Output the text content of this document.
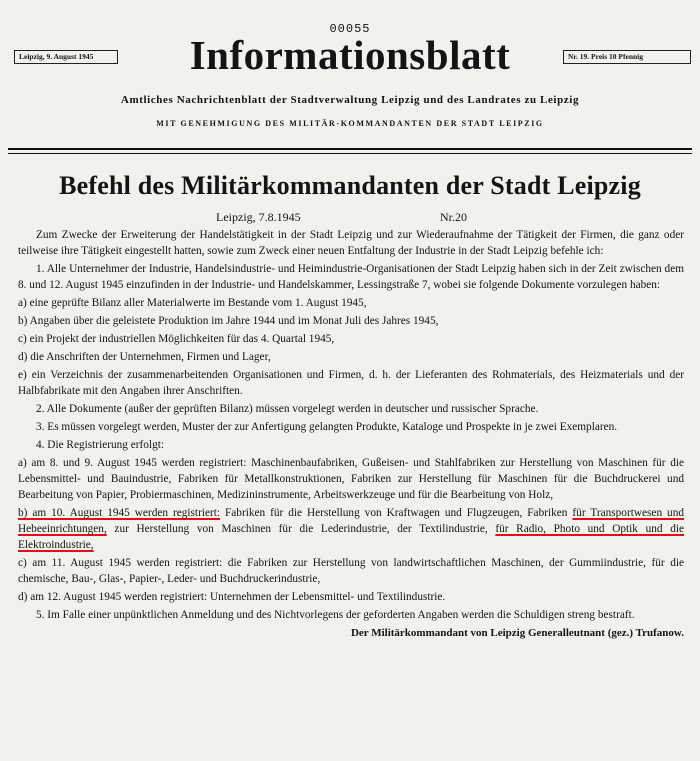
00055
Leipzig, 9. August 1945	Nr. 19. Preis 10 Pfennig
Informationsblatt
Amtliches Nachrichtenblatt der Stadtverwaltung Leipzig und des Landrates zu Leipzig
MIT GENEHMIGUNG DES MILITÄR-KOMMANDANTEN DER STADT LEIPZIG
Befehl des Militärkommandanten der Stadt Leipzig
Leipzig, 7.8.1945	Nr.20

Zum Zwecke der Erweiterung der Handelstätigkeit in der Stadt Leipzig und zur Wiederaufnahme der Tätigkeit der Firmen, die ganz oder teilweise ihre Tätigkeit eingestellt hatten, sowie zum Zweck einer neuen Entfaltung der Industrie in der Stadt Leipzig befehle ich:

1. Alle Unternehmer der Industrie, Handelsindustrie- und Heimindustrie-Organisationen der Stadt Leipzig haben sich in der Zeit zwischen dem 8. und 12. August 1945 einzufinden in der Industrie- und Handelskammer, Lessingstraße 7, wobei sie folgende Dokumente vorzulegen haben:

a) eine geprüfte Bilanz aller Materialwerte im Bestande vom 1. August 1945,

b) Angaben über die geleistete Produktion im Jahre 1944 und im Monat Juli des Jahres 1945,

c) ein Projekt der industriellen Möglichkeiten für das 4. Quartal 1945,

d) die Anschriften der Unternehmen, Firmen und Lager,

e) ein Verzeichnis der zusammenarbeitenden Organisationen und Firmen, d. h. der Lieferanten des Rohmaterials, des Heizmaterials und der Halbfabrikate mit den Angaben ihrer Anschriften.

2. Alle Dokumente (außer der geprüften Bilanz) müssen vorgelegt werden in deutscher und russischer Sprache.

3. Es müssen vorgelegt werden, Muster der zur Anfertigung gelangten Produkte, Kataloge und Prospekte in je zwei Exemplaren.

4. Die Registrierung erfolgt:

a) am 8. und 9. August 1945 werden registriert: Maschinenbaufabriken, Gußeisen- und Stahlfabriken zur Herstellung von Maschinen für die Lebensmittel- und Bauindustrie, Fabriken für Metallkonstruktionen, Fabriken zur Herstellung für Maschinen für die Buchdruckerei und Bearbeitung von Papier, Probiermaschinen, Medizininstrumente, Arbeitswerkzeuge und für die Bearbeitung von Holz,

b) am 10. August 1945 werden registriert: Fabriken für die Herstellung von Kraftwagen und Flugzeugen, Fabriken für Transportwesen und Hebeeinrichtungen, zur Herstellung von Maschinen für die Lederindustrie, der Textilindustrie, für Radio, Photo und Optik und die Elektroindustrie,

c) am 11. August 1945 werden registriert: die Fabriken zur Herstellung von landwirtschaftlichen Maschinen, der Gummiindustrie, für die chemische, Bau-, Glas-, Papier-, Leder- und Buchdruckerindustrie,

d) am 12. August 1945 werden registriert: Unternehmen der Lebensmittel- und Textilindustrie.

5. Im Falle einer unpünktlichen Anmeldung und des Nichtvorlegens der geforderten Angaben werden die Schuldigen streng bestraft.

Der Militärkommandant von Leipzig Generalleutnant (gez.) Trufanow.
